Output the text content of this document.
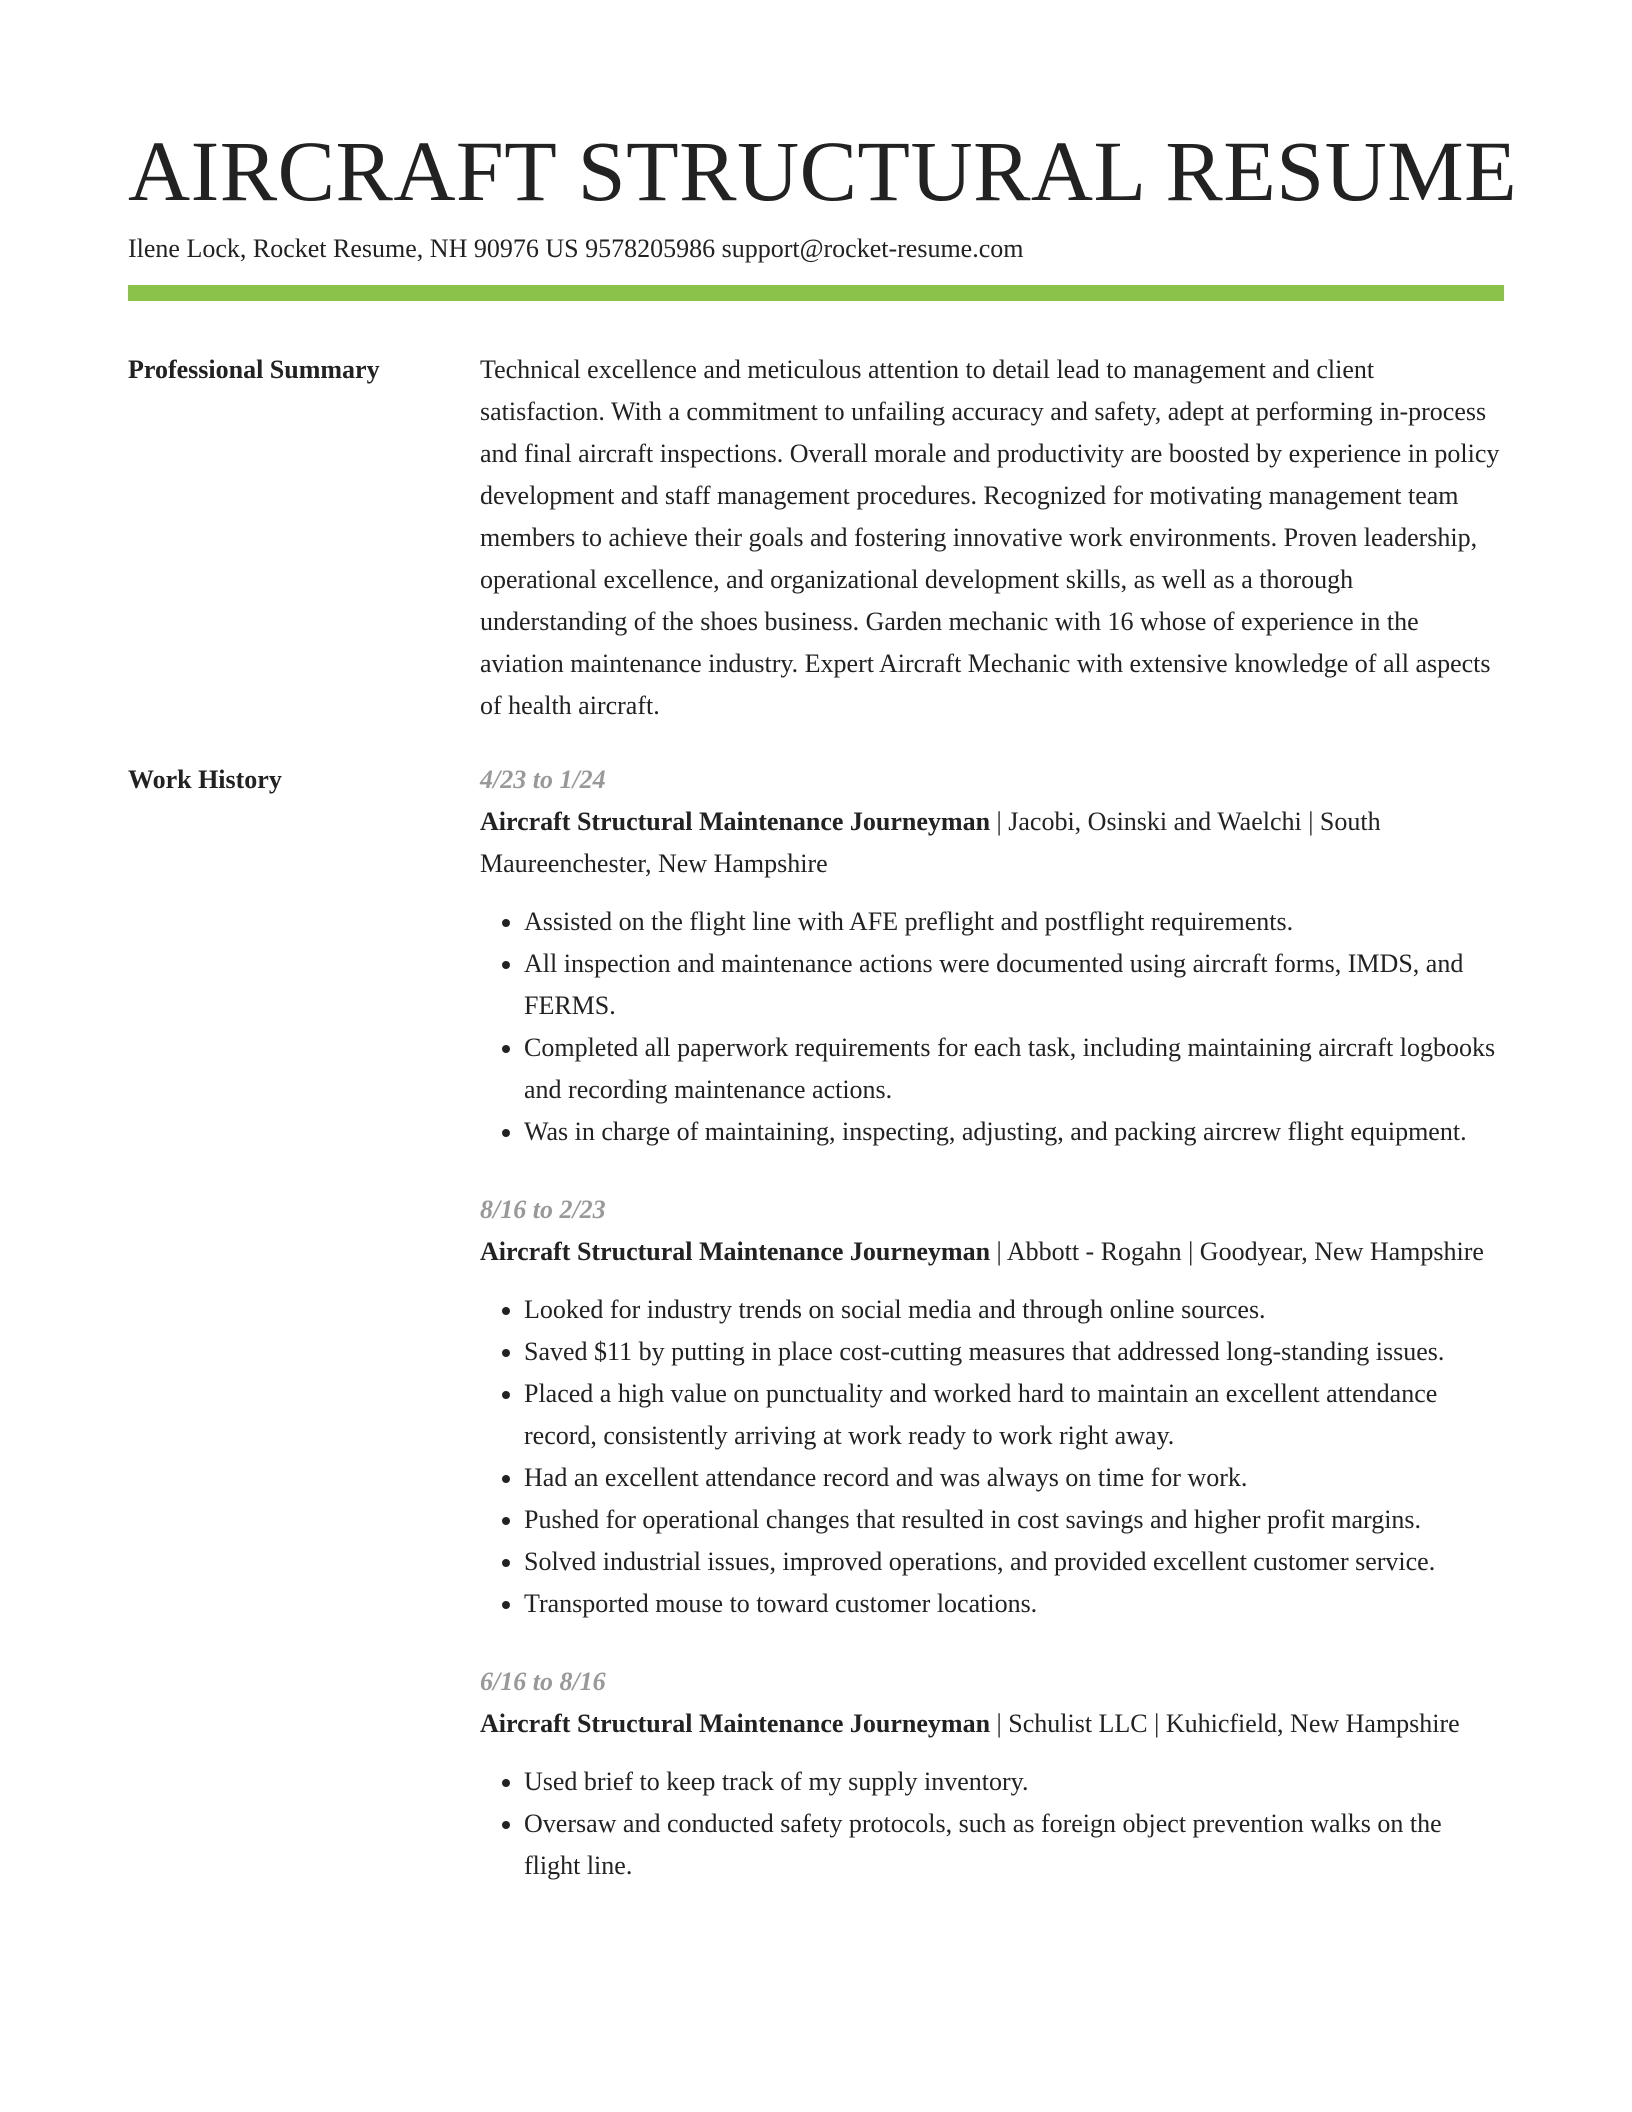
AIRCRAFT STRUCTURAL RESUME
Ilene Lock, Rocket Resume, NH 90976 US 9578205986 support@rocket-resume.com
Professional Summary	Technical excellence and meticulous attention to detail lead to management and client satisfaction. With a commitment to unfailing accuracy and safety, adept at performing in-process and final aircraft inspections. Overall morale and productivity are boosted by experience in policy development and staff management procedures. Recognized for motivating management team members to achieve their goals and fostering innovative work environments. Proven leadership, operational excellence, and organizational development skills, as well as a thorough understanding of the shoes business. Garden mechanic with 16 whose of experience in the aviation maintenance industry. Expert Aircraft Mechanic with extensive knowledge of all aspects of health aircraft.

Work History	4/23 to 1/24

Aircraft Structural Maintenance Journeyman | Jacobi, Osinski and Waelchi | South Maureenchester, New Hampshire

• Assisted on the flight line with AFE preflight and postflight requirements.
• All inspection and maintenance actions were documented using aircraft forms, IMDS, and FERMS.
• Completed all paperwork requirements for each task, including maintaining aircraft logbooks and recording maintenance actions.
• Was in charge of maintaining, inspecting, adjusting, and packing aircrew flight equipment.
8/16 to 2/23

Aircraft Structural Maintenance Journeyman | Abbott - Rogahn | Goodyear, New Hampshire

• Looked for industry trends on social media and through online sources.
• Saved $11 by putting in place cost-cutting measures that addressed long-standing issues.
• Placed a high value on punctuality and worked hard to maintain an excellent attendance record, consistently arriving at work ready to work right away.
• Had an excellent attendance record and was always on time for work.
• Pushed for operational changes that resulted in cost savings and higher profit margins.
• Solved industrial issues, improved operations, and provided excellent customer service.
• Transported mouse to toward customer locations.
6/16 to 8/16

Aircraft Structural Maintenance Journeyman | Schulist LLC | Kuhicfield, New Hampshire

• Used brief to keep track of my supply inventory.
• Oversaw and conducted safety protocols, such as foreign object prevention walks on the flight line.
